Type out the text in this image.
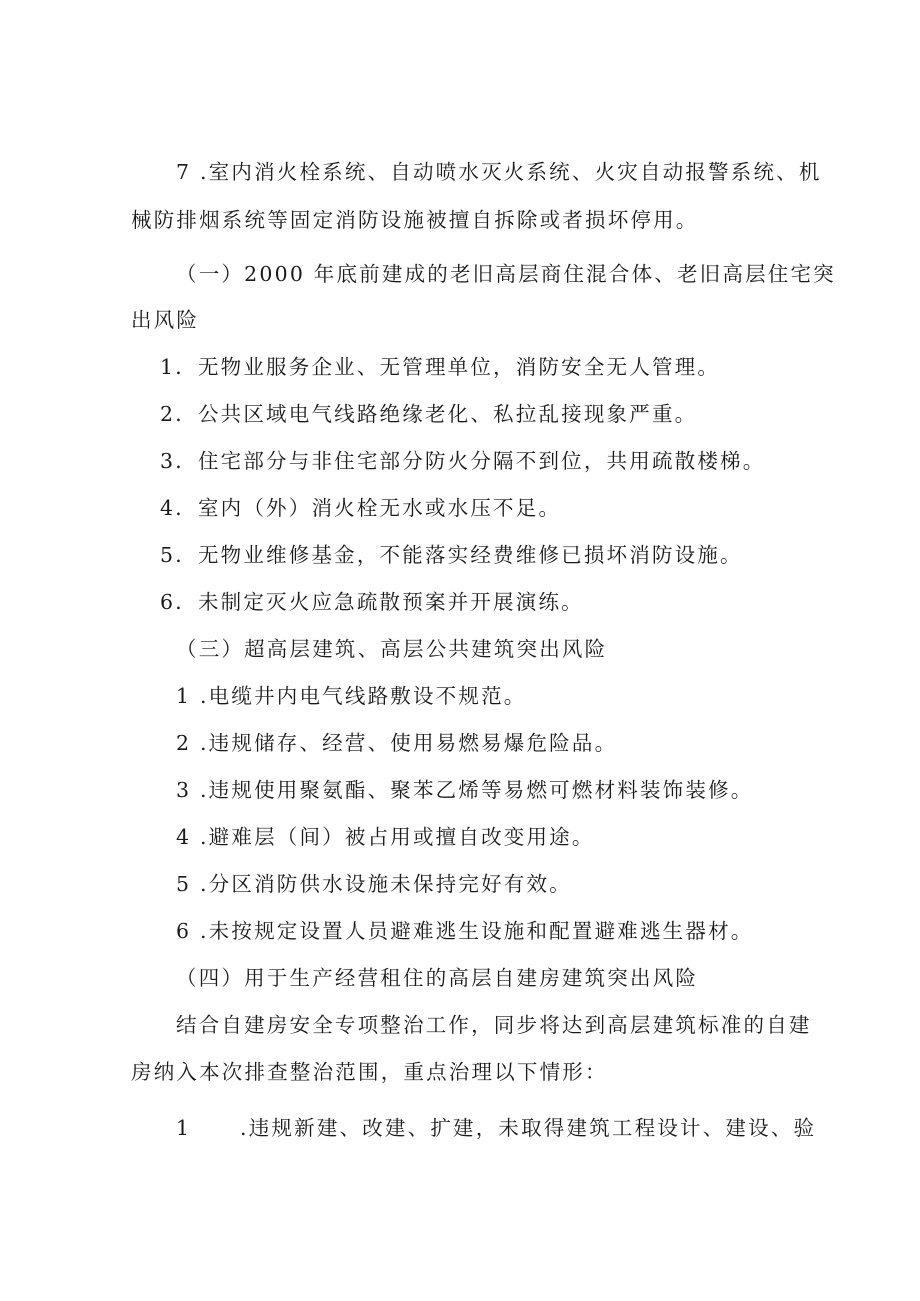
7 .室内消火栓系统、自动喷水灭火系统、火灾自动报警系统、机
械防排烟系统等固定消防设施被擅自拆除或者损坏停用。
（一）2000 年底前建成的老旧高层商住混合体、老旧高层住宅突
出风险
1．无物业服务企业、无管理单位，消防安全无人管理。
2．公共区域电气线路绝缘老化、私拉乱接现象严重。
3．住宅部分与非住宅部分防火分隔不到位，共用疏散楼梯。
4．室内（外）消火栓无水或水压不足。
5．无物业维修基金，不能落实经费维修已损坏消防设施。
6．未制定灭火应急疏散预案并开展演练。
（三）超高层建筑、高层公共建筑突出风险
1 .电缆井内电气线路敷设不规范。
2 .违规储存、经营、使用易燃易爆危险品。
3 .违规使用聚氨酯、聚苯乙烯等易燃可燃材料装饰装修。
4 .避难层（间）被占用或擅自改变用途。
5 .分区消防供水设施未保持完好有效。
6 .未按规定设置人员避难逃生设施和配置避难逃生器材。
（四）用于生产经营租住的高层自建房建筑突出风险
结合自建房安全专项整治工作，同步将达到高层建筑标准的自建
房纳入本次排查整治范围，重点治理以下情形：
1 .违规新建、改建、扩建，未取得建筑工程设计、建设、验
